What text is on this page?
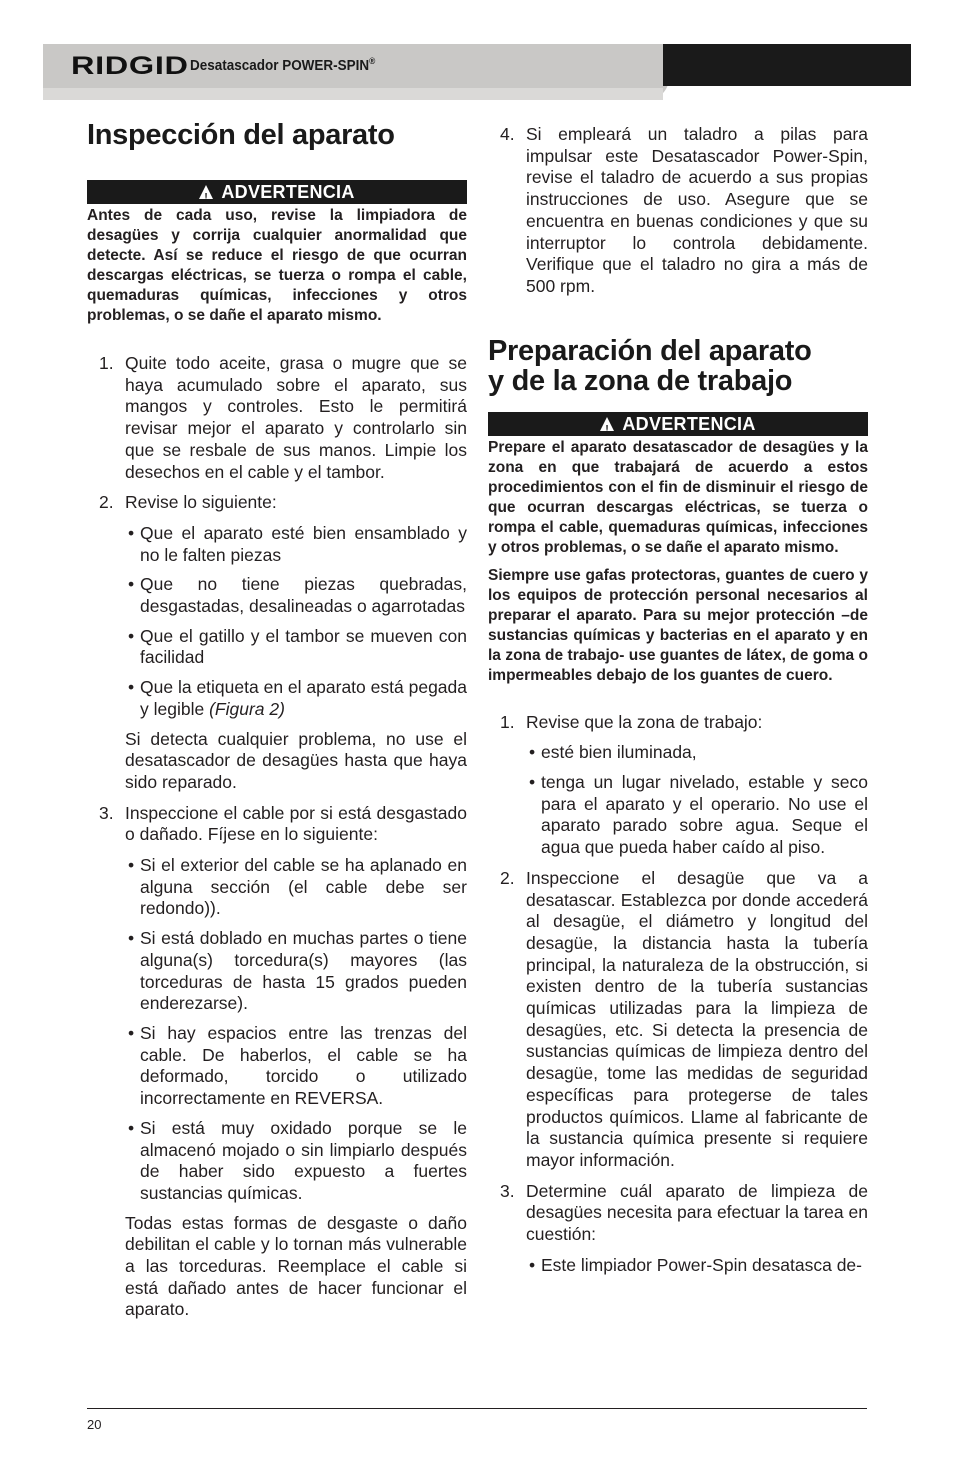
RIDGID Desatascador POWER-SPIN®
Inspección del aparato
!ADVERTENCIA

Antes de cada uso, revise la limpiadora de desagües y corrija cualquier anormalidad que detecte. Así se reduce el riesgo de que ocurran descargas eléctricas, se tuerza o rompa el cable, quemaduras químicas, infecciones y otros problemas, o se dañe el aparato mismo.

1. Quite todo aceite, grasa o mugre que se haya acumulado sobre el aparato, sus mangos y controles. Esto le permitirá revisar mejor el aparato y controlarlo sin que se resbale de sus manos. Limpie los desechos en el cable y el tambor.
2. Revise lo siguiente:
• Que el aparato esté bien ensamblado y no le falten piezas
• Que no tiene piezas quebradas, desgastadas, desalineadas o agarrotadas
• Que el gatillo y el tambor se mueven con facilidad
• Que la etiqueta en el aparato está pegada y legible (Figura 2)
Si detecta cualquier problema, no use el desatascador de desagües hasta que haya sido reparado.
3. Inspeccione el cable por si está desgastado o dañado. Fíjese en lo siguiente:
• Si el exterior del cable se ha aplanado en alguna sección (el cable debe ser redondo)).
• Si está doblado en muchas partes o tiene alguna(s) torcedura(s) mayores (las torceduras de hasta 15 grados pueden enderezarse).
• Si hay espacios entre las trenzas del cable. De haberlos, el cable se ha deformado, torcido o utilizado incorrectamente en REVERSA.
• Si está muy oxidado porque se le almacenó mojado o sin limpiarlo después de haber sido expuesto a fuertes sustancias químicas.
Todas estas formas de desgaste o daño debilitan el cable y lo tornan más vulnerable a las torceduras. Reemplace el cable si está dañado antes de hacer funcionar el aparato.
4. Si empleará un taladro a pilas para impulsar este Desatascador Power-Spin, revise el taladro de acuerdo a sus propias instrucciones de uso. Asegure que se encuentra en buenas condiciones y que su interruptor lo controla debidamente. Verifique que el taladro no gira a más de 500 rpm.
Preparación del aparato
y de la zona de trabajo
!ADVERTENCIA

Prepare el aparato desatascador de desagües y la zona en que trabajará de acuerdo a estos procedimientos con el fin de disminuir el riesgo de que ocurran descargas eléctricas, se tuerza o rompa el cable, quemaduras químicas, infecciones y otros problemas, o se dañe el aparato mismo.

Siempre use gafas protectoras, guantes de cuero y los equipos de protección personal necesarios al preparar el aparato. Para su mejor protección –de sustancias químicas y bacterias en el aparato y en la zona de trabajo- use guantes de látex, de goma o impermeables debajo de los guantes de cuero.

1. Revise que la zona de trabajo:
• esté bien iluminada,
• tenga un lugar nivelado, estable y seco para el aparato y el operario. No use el aparato parado sobre agua. Seque el agua que pueda haber caído al piso.
2. Inspeccione el desagüe que va a desatascar. Establezca por donde accederá al desagüe, el diámetro y longitud del desagüe, la distancia hasta la tubería principal, la naturaleza de la obstrucción, si existen dentro de la tubería sustancias químicas utilizadas para la limpieza de desagües, etc. Si detecta la presencia de sustancias químicas de limpieza dentro del desagüe, tome las medidas de seguridad específicas para protegerse de tales productos químicos. Llame al fabricante de la sustancia química presente si requiere mayor información.
3. Determine cuál aparato de limpieza de desagües necesita para efectuar la tarea en cuestión:
• Este limpiador Power-Spin desatasca de-
20
